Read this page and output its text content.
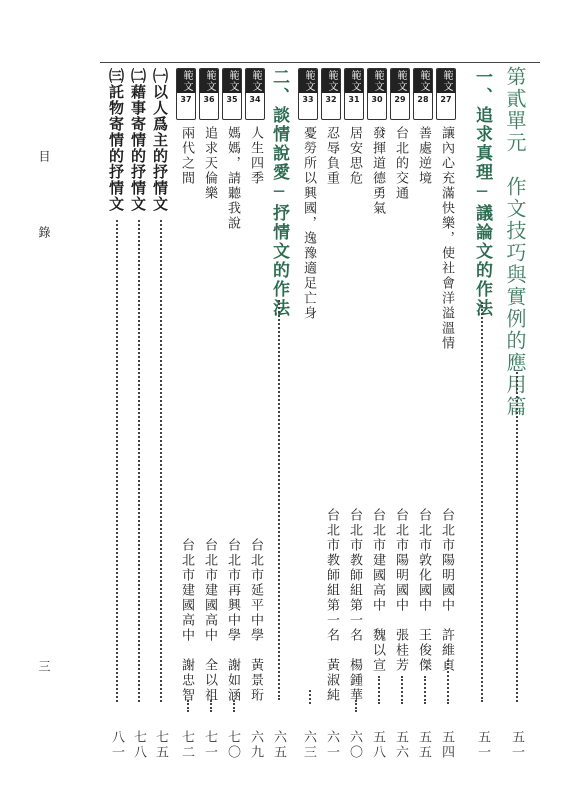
第貳單元　作文技巧與實例的應用篇
五一
一、追求真理─議論文的作法
五一
範文
27
讓內心充滿快樂，使社會洋溢溫情
台北市陽明國中　許維貞
五四
範文
28
善處逆境
台北市敦化國中　王俊傑
五五
範文
29
台北的交通
台北市陽明國中　張桂芳
五六
範文
30
發揮道德勇氣
台北市建國高中　魏以宣
五八
範文
31
居安思危
台北市教師組第一名　楊鍾華
六〇
範文
32
忍辱負重
台北市教師組第一名　黃淑純
六一
範文
33
憂勞所以興國，逸豫適足亡身
六三
二、談情說愛─抒情文的作法
六五
範文
34
人生四季
台北市延平中學　黃景珩
六九
範文
35
媽媽，請聽我說
台北市再興中學　謝如涵
七〇
範文
36
追求天倫樂
台北市建國高中　全以祖
七一
範文
37
兩代之間
台北市建國高中　謝忠智
七二
㈠以人爲主的抒情文
七五
㈡藉事寄情的抒情文
七八
㈢託物寄情的抒情文
八一
目　錄
三
